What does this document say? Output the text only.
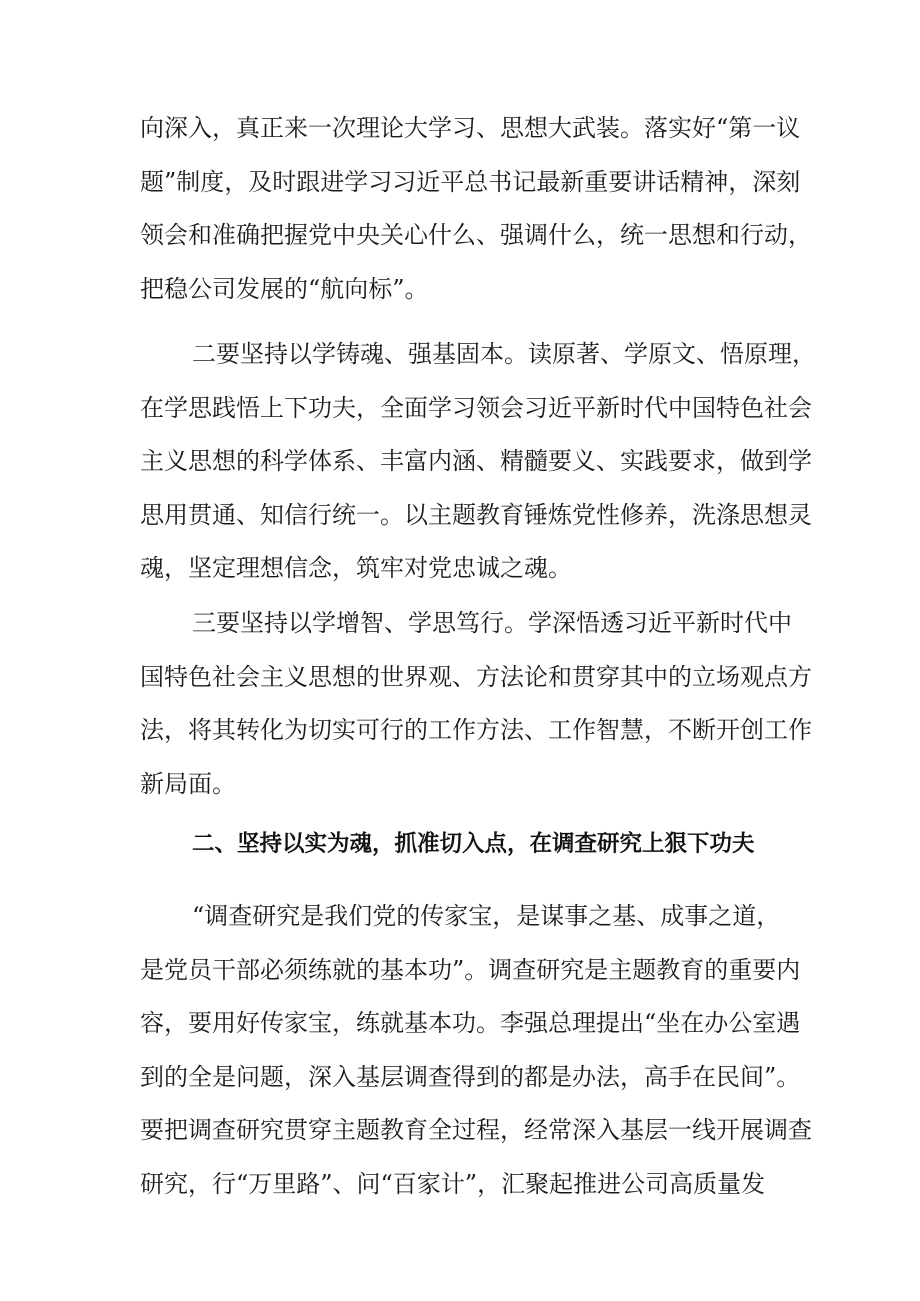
向深入，真正来一次理论大学习、思想大武装。落实好“第一议
题”制度，及时跟进学习习近平总书记最新重要讲话精神，深刻
领会和准确把握党中央关心什么、强调什么，统一思想和行动，
把稳公司发展的“航向标”。
二要坚持以学铸魂、强基固本。读原著、学原文、悟原理，
在学思践悟上下功夫，全面学习领会习近平新时代中国特色社会
主义思想的科学体系、丰富内涵、精髓要义、实践要求，做到学
思用贯通、知信行统一。以主题教育锤炼党性修养，洗涤思想灵
魂，坚定理想信念，筑牢对党忠诚之魂。
三要坚持以学增智、学思笃行。学深悟透习近平新时代中
国特色社会主义思想的世界观、方法论和贯穿其中的立场观点方
法，将其转化为切实可行的工作方法、工作智慧，不断开创工作
新局面。
二、坚持以实为魂，抓准切入点，在调查研究上狠下功夫
“调查研究是我们党的传家宝，是谋事之基、成事之道，
是党员干部必须练就的基本功”。调查研究是主题教育的重要内
容，要用好传家宝，练就基本功。李强总理提出“坐在办公室遇
到的全是问题，深入基层调查得到的都是办法，高手在民间”。
要把调查研究贯穿主题教育全过程，经常深入基层一线开展调查
研究，行“万里路”、问“百家计”，汇聚起推进公司高质量发
